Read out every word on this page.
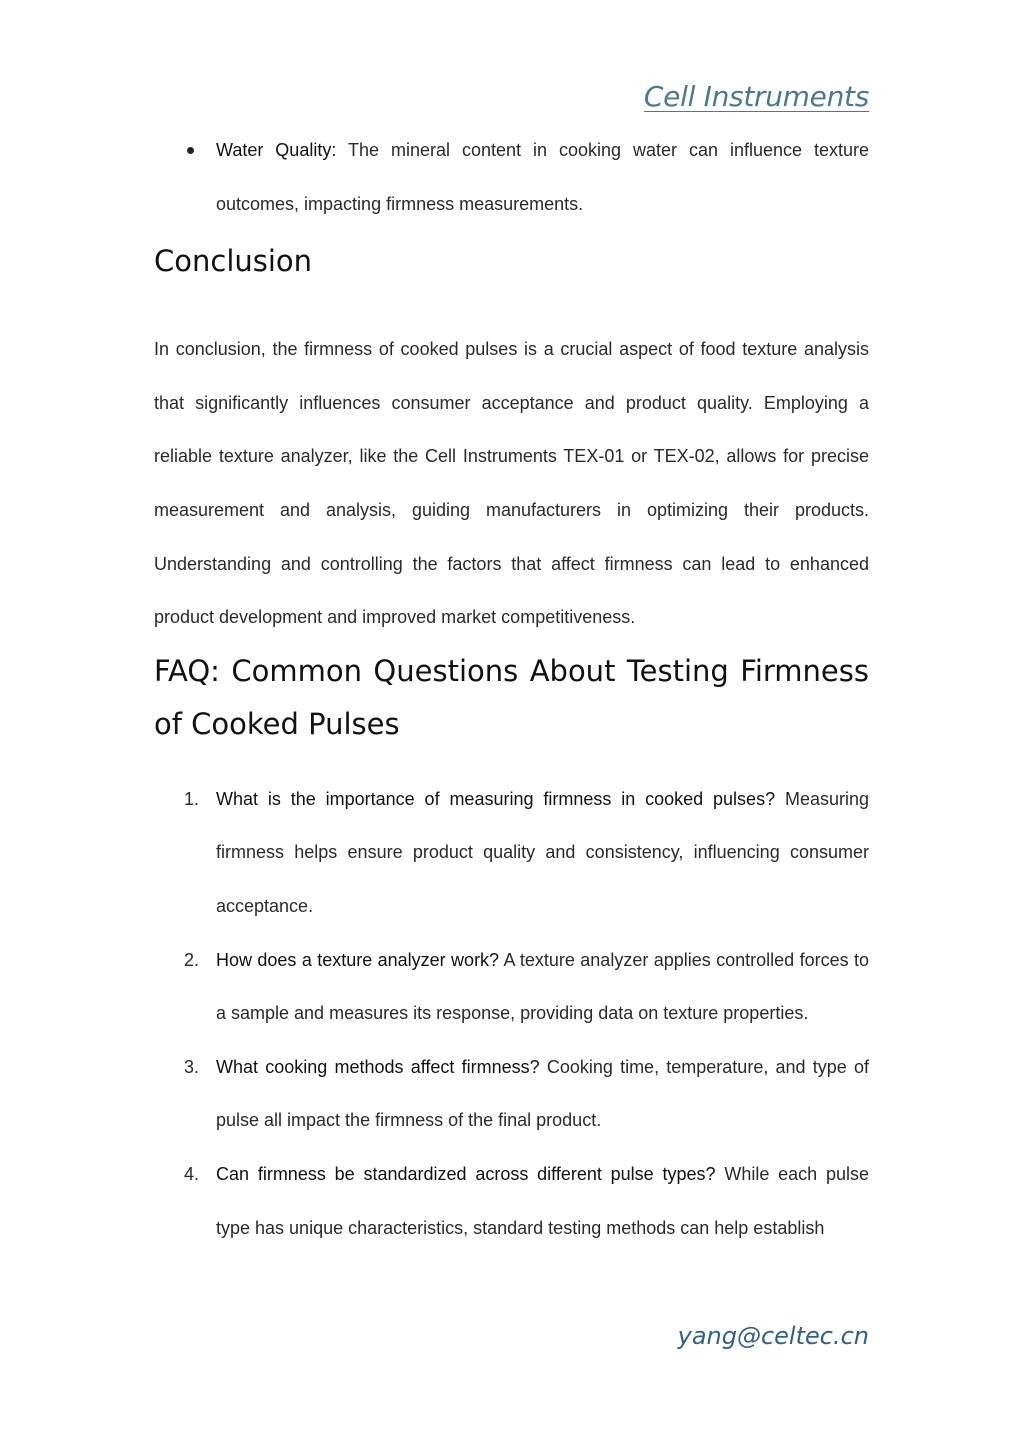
Cell Instruments

Water Quality: The mineral content in cooking water can influence texture outcomes, impacting firmness measurements.

Conclusion

In conclusion, the firmness of cooked pulses is a crucial aspect of food texture analysis that significantly influences consumer acceptance and product quality. Employing a reliable texture analyzer, like the Cell Instruments TEX-01 or TEX-02, allows for precise measurement and analysis, guiding manufacturers in optimizing their products. Understanding and controlling the factors that affect firmness can lead to enhanced product development and improved market competitiveness.

FAQ: Common Questions About Testing Firmness of Cooked Pulses
1. What is the importance of measuring firmness in cooked pulses? Measuring firmness helps ensure product quality and consistency, influencing consumer acceptance.

2. How does a texture analyzer work? A texture analyzer applies controlled forces to a sample and measures its response, providing data on texture properties.

3. What cooking methods affect firmness? Cooking time, temperature, and type of pulse all impact the firmness of the final product.

4. Can firmness be standardized across different pulse types? While each pulse type has unique characteristics, standard testing methods can help establish

yang@celtec.cn
